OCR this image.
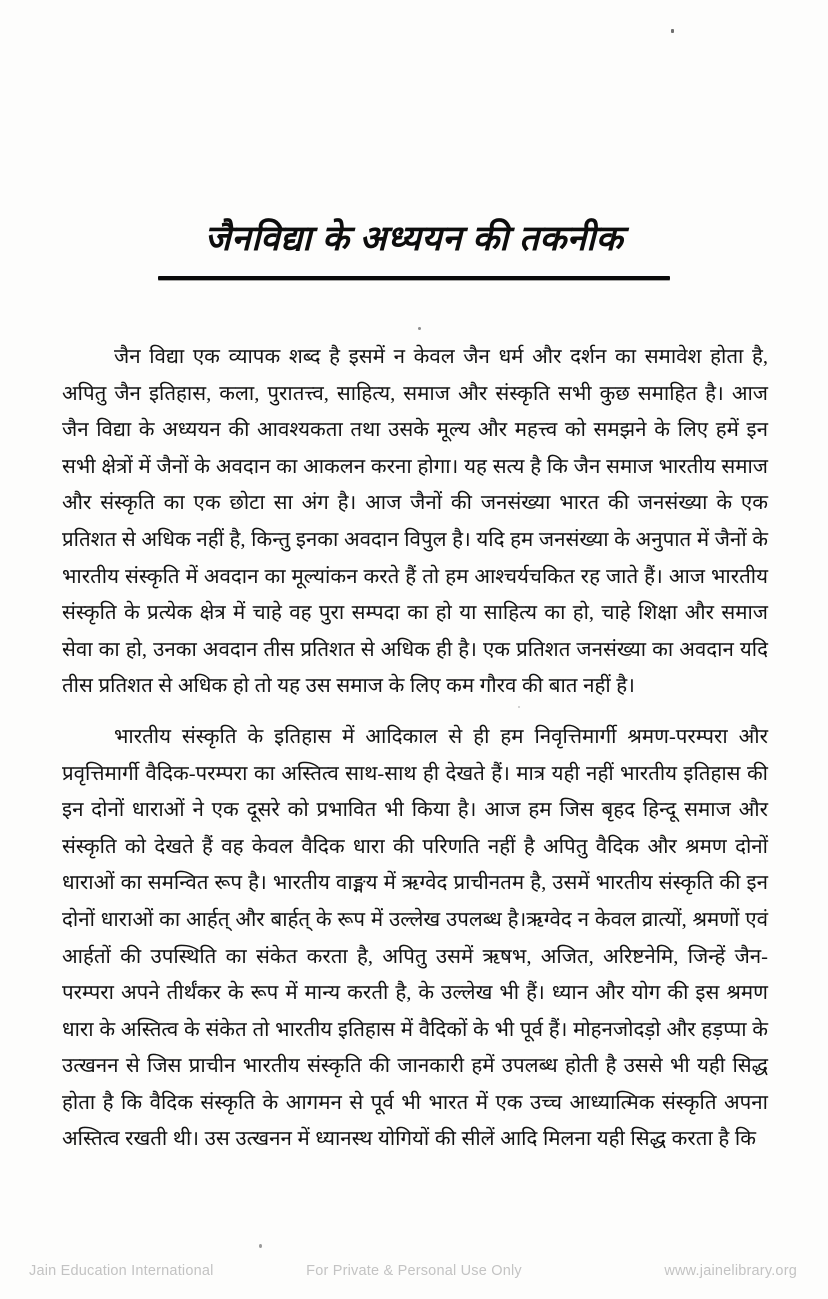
जैनविद्या के अध्ययन की तकनीक

जैन विद्या एक व्यापक शब्द है इसमें न केवल जैन धर्म और दर्शन का समावेश होता है, अपितु जैन इतिहास, कला, पुरातत्त्व, साहित्य, समाज और संस्कृति सभी कुछ समाहित है। आज जैन विद्या के अध्ययन की आवश्यकता तथा उसके मूल्य और महत्त्व को समझने के लिए हमें इन सभी क्षेत्रों में जैनों के अवदान का आकलन करना होगा। यह सत्य है कि जैन समाज भारतीय समाज और संस्कृति का एक छोटा सा अंग है। आज जैनों की जनसंख्या भारत की जनसंख्या के एक प्रतिशत से अधिक नहीं है, किन्तु इनका अवदान विपुल है। यदि हम जनसंख्या के अनुपात में जैनों के भारतीय संस्कृति में अवदान का मूल्यांकन करते हैं तो हम आश्चर्यचकित रह जाते हैं। आज भारतीय संस्कृति के प्रत्येक क्षेत्र में चाहे वह पुरा सम्पदा का हो या साहित्य का हो, चाहे शिक्षा और समाज सेवा का हो, उनका अवदान तीस प्रतिशत से अधिक ही है। एक प्रतिशत जनसंख्या का अवदान यदि तीस प्रतिशत से अधिक हो तो यह उस समाज के लिए कम गौरव की बात नहीं है।

भारतीय संस्कृति के इतिहास में आदिकाल से ही हम निवृत्तिमार्गी श्रमण-परम्परा और प्रवृत्तिमार्गी वैदिक-परम्परा का अस्तित्व साथ-साथ ही देखते हैं। मात्र यही नहीं भारतीय इतिहास की इन दोनों धाराओं ने एक दूसरे को प्रभावित भी किया है। आज हम जिस बृहद हिन्दू समाज और संस्कृति को देखते हैं वह केवल वैदिक धारा की परिणति नहीं है अपितु वैदिक और श्रमण दोनों धाराओं का समन्वित रूप है। भारतीय वाङ्मय में ऋग्वेद प्राचीनतम है, उसमें भारतीय संस्कृति की इन दोनों धाराओं का आर्हत् और बार्हत् के रूप में उल्लेख उपलब्ध है।ऋग्वेद न केवल व्रात्यों, श्रमणों एवं आर्हतों की उपस्थिति का संकेत करता है, अपितु उसमें ऋषभ, अजित, अरिष्टनेमि, जिन्हें जैन-परम्परा अपने तीर्थंकर के रूप में मान्य करती है, के उल्लेख भी हैं। ध्यान और योग की इस श्रमण धारा के अस्तित्व के संकेत तो भारतीय इतिहास में वैदिकों के भी पूर्व हैं। मोहनजोदड़ो और हड़प्पा के उत्खनन से जिस प्राचीन भारतीय संस्कृति की जानकारी हमें उपलब्ध होती है उससे भी यही सिद्ध होता है कि वैदिक संस्कृति के आगमन से पूर्व भी भारत में एक उच्च आध्यात्मिक संस्कृति अपना अस्तित्व रखती थी। उस उत्खनन में ध्यानस्थ योगियों की सीलें आदि मिलना यही सिद्ध करता है कि

Jain Education International	For Private & Personal Use Only	www.jainelibrary.org
